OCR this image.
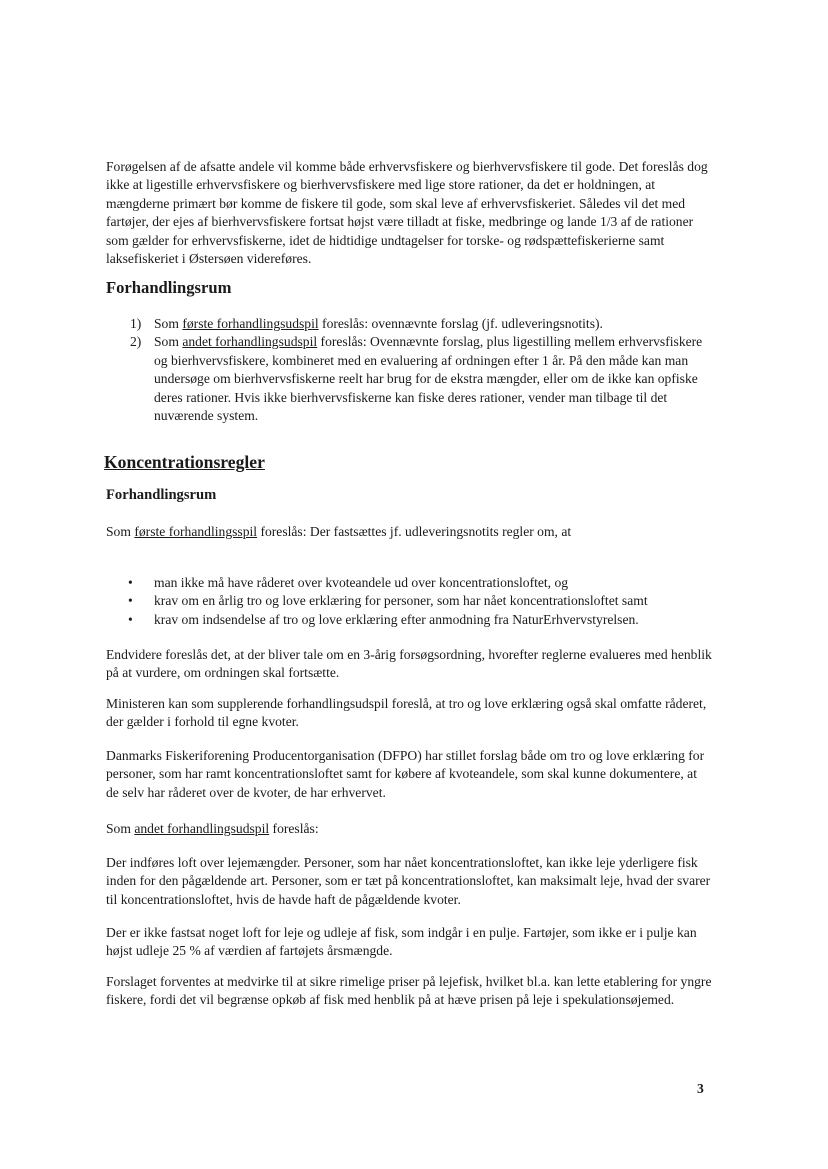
Forøgelsen af de afsatte andele vil komme både erhvervsfiskere og bierhvervsfiskere til gode. Det foreslås dog ikke at ligestille erhvervsfiskere og bierhvervsfiskere med lige store rationer, da det er holdningen, at mængderne primært bør komme de fiskere til gode, som skal leve af erhvervsfiskeriet. Således vil det med fartøjer, der ejes af bierhvervsfiskere fortsat højst være tilladt at fiske, medbringe og lande 1/3 af de rationer som gælder for erhvervsfiskerne, idet de hidtidige undtagelser for torske- og rødspættefiskerierne samt laksefiskeriet i Østersøen videreføres.

Forhandlingsrum
1) Som første forhandlingsudspil foreslås: ovennævnte forslag (jf. udleveringsnotits).
2) Som andet forhandlingsudspil foreslås: Ovennævnte forslag, plus ligestilling mellem erhvervsfiskere og bierhvervsfiskere, kombineret med en evaluering af ordningen efter 1 år. På den måde kan man undersøge om bierhvervsfiskerne reelt har brug for de ekstra mængder, eller om de ikke kan opfiske deres rationer. Hvis ikke bierhvervsfiskerne kan fiske deres rationer, vender man tilbage til det nuværende system.
Koncentrationsregler
Forhandlingsrum

Som første forhandlingsspil foreslås: Der fastsættes jf. udleveringsnotits regler om, at

• man ikke må have råderet over kvoteandele ud over koncentrationsloftet, og
• krav om en årlig tro og love erklæring for personer, som har nået koncentrationsloftet samt
• krav om indsendelse af tro og love erklæring efter anmodning fra NaturErhvervstyrelsen.

Endvidere foreslås det, at der bliver tale om en 3-årig forsøgsordning, hvorefter reglerne evalueres med henblik på at vurdere, om ordningen skal fortsætte.

Ministeren kan som supplerende forhandlingsudspil foreslå, at tro og love erklæring også skal omfatte råderet, der gælder i forhold til egne kvoter.

Danmarks Fiskeriforening Producentorganisation (DFPO) har stillet forslag både om tro og love erklæring for personer, som har ramt koncentrationsloftet samt for købere af kvoteandele, som skal kunne dokumentere, at de selv har råderet over de kvoter, de har erhvervet.

Som andet forhandlingsudspil foreslås:

Der indføres loft over lejemængder. Personer, som har nået koncentrationsloftet, kan ikke leje yderligere fisk inden for den pågældende art. Personer, som er tæt på koncentrationsloftet, kan maksimalt leje, hvad der svarer til koncentrationsloftet, hvis de havde haft de pågældende kvoter.

Der er ikke fastsat noget loft for leje og udleje af fisk, som indgår i en pulje. Fartøjer, som ikke er i pulje kan højst udleje 25 % af værdien af fartøjets årsmængde.

Forslaget forventes at medvirke til at sikre rimelige priser på lejefisk, hvilket bl.a. kan lette etablering for yngre fiskere, fordi det vil begrænse opkøb af fisk med henblik på at hæve prisen på leje i spekulationsøjemed.

3
